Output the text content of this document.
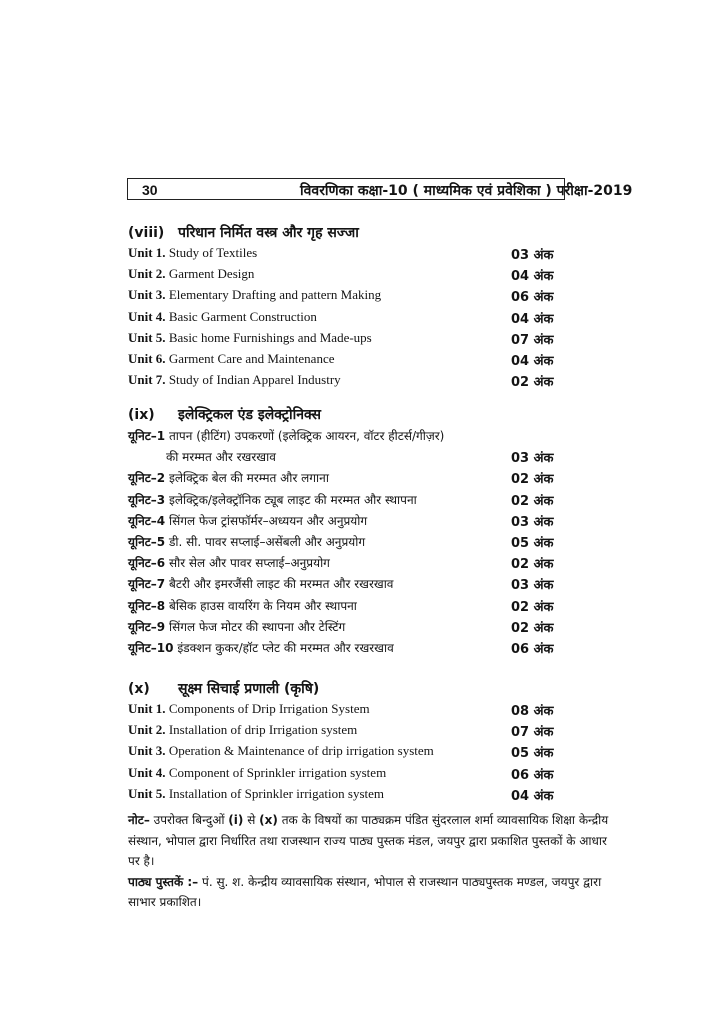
30	विवरणिका कक्षा-10 ( माध्यमिक एवं प्रवेशिका ) परीक्षा-2019
(viii) परिधान निर्मित वस्त्र और गृह सज्जा
Unit 1. Study of Textiles	03 अंक
Unit 2. Garment Design	04 अंक
Unit 3. Elementary Drafting and pattern Making	06 अंक
Unit 4. Basic Garment Construction	04 अंक
Unit 5. Basic home Furnishings and Made-ups	07 अंक
Unit 6. Garment Care and Maintenance	04 अंक
Unit 7. Study of Indian Apparel Industry	02 अंक
(ix) इलेक्ट्रिकल एंड इलेक्ट्रोनिक्स
यूनिट–1 तापन (हीटिंग) उपकरणों (इलेक्ट्रिक आयरन, वॉटर हीटर्स/गीज़र)
की मरम्मत और रखरखाव	03 अंक
यूनिट–2 इलेक्ट्रिक बेल की मरम्मत और लगाना	02 अंक
यूनिट–3 इलेक्ट्रिक/इलेक्ट्रॉनिक ट्यूब लाइट की मरम्मत और स्थापना	02 अंक
यूनिट–4 सिंगल फेज ट्रांसफॉर्मर–अध्ययन और अनुप्रयोग	03 अंक
यूनिट–5 डी. सी. पावर सप्लाई–असेंबली और अनुप्रयोग	05 अंक
यूनिट–6 सौर सेल और पावर सप्लाई–अनुप्रयोग	02 अंक
यूनिट–7 बैटरी और इमरजैंसी लाइट की मरम्मत और रखरखाव	03 अंक
यूनिट–8 बेसिक हाउस वायरिंग के नियम और स्थापना	02 अंक
यूनिट–9 सिंगल फेज मोटर की स्थापना और टेस्टिंग	02 अंक
यूनिट–10 इंडक्शन कुकर/हॉट प्लेट की मरम्मत और रखरखाव	06 अंक
(x) सूक्ष्म सिचाई प्रणाली (कृषि)
Unit 1. Components of Drip Irrigation System	08 अंक
Unit 2. Installation of drip Irrigation system	07 अंक
Unit 3. Operation & Maintenance of drip irrigation system	05 अंक
Unit 4. Component of Sprinkler irrigation system	06 अंक
Unit 5. Installation of Sprinkler irrigation system	04 अंक

नोट– उपरोक्त बिन्दुओं (i) से (x) तक के विषयों का पाठ्यक्रम पंडित सुंदरलाल शर्मा व्यावसायिक शिक्षा केन्द्रीय संस्थान, भोपाल द्वारा निर्धारित तथा राजस्थान राज्य पाठ्य पुस्तक मंडल, जयपुर द्वारा प्रकाशित पुस्तकों के आधार पर है।

पाठ्य पुस्तकें :– पं. सु. श. केन्द्रीय व्यावसायिक संस्थान, भोपाल से राजस्थान पाठ्यपुस्तक मण्डल, जयपुर द्वारा साभार प्रकाशित।
